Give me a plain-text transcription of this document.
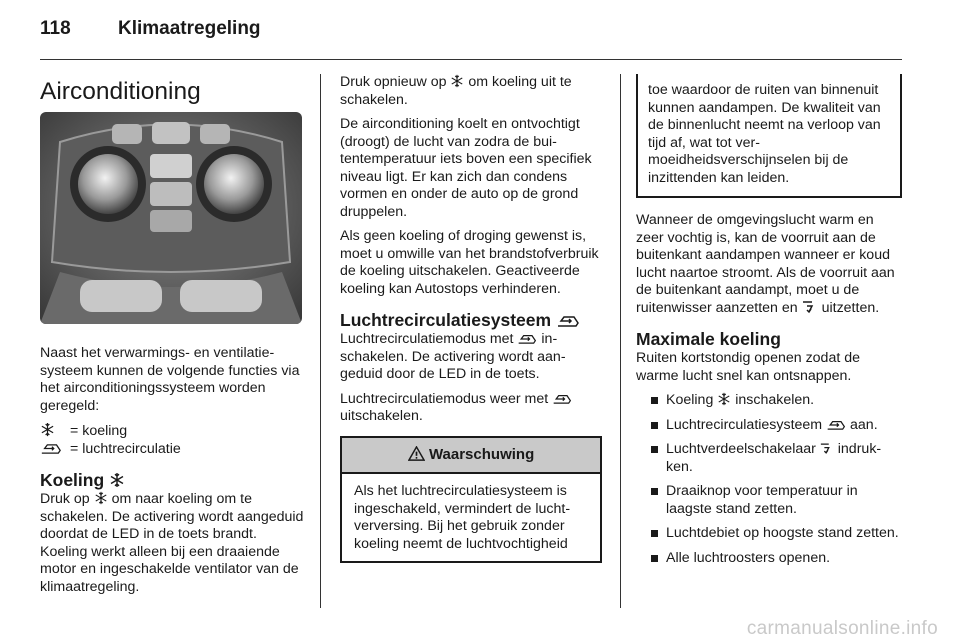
118 Klimaatregeling
Airconditioning

Naast het verwarmings- en ventilatiesysteem kunnen de volgende functies via het airconditioningssysteem worden geregeld:

= koeling

= luchtrecirculatie

Koeling

Druk op om naar koeling om te schakelen. De activering wordt aangeduid doordat de LED in de toets brandt. Koeling werkt alleen bij een draaiende motor en ingeschakelde ventilator van de klimaatregeling.

Druk opnieuw op om koeling uit te schakelen.

De airconditioning koelt en ontvochtigt (droogt) de lucht van zodra de buitentemperatuur iets boven een specifiek niveau ligt. Er kan zich dan condens vormen en onder de auto op de grond druppelen.

Als geen koeling of droging gewenst is, moet u omwille van het brandstofverbruik de koeling uitschakelen. Geactiveerde koeling kan Autostops verhinderen.

Luchtrecirculatiesysteem

Luchtrecirculatiemodus met inschakelen. De activering wordt aangeduid door de LED in de toets.

Luchtrecirculatiemodus weer met  uitschakelen.

Waarschuwing
Als het luchtrecirculatiesysteem is ingeschakeld, vermindert de luchtverversing. Bij het gebruik zonder koeling neemt de luchtvochtigheid
toe waardoor de ruiten van binnenuit kunnen aandampen. De kwaliteit van de binnenlucht neemt na verloop van tijd af, wat tot vermoeidheidsverschijnselen bij de inzittenden kan leiden.

Wanneer de omgevingslucht warm en zeer vochtig is, kan de voorruit aan de buitenkant aandampen wanneer er koud lucht naartoe stroomt. Als de voorruit aan de buitenkant aandampt, moet u de ruitenwisser aanzetten en uitzetten.

Maximale koeling

Ruiten kortstondig openen zodat de warme lucht snel kan ontsnappen.

Koeling inschakelen.
Luchtrecirculatiesysteem aan.
Luchtverdeelschakelaar indrukken.
Draaiknop voor temperatuur in laagste stand zetten.
Luchtdebiet op hoogste stand zetten.
Alle luchtroosters openen.
carmanualsonline.info
